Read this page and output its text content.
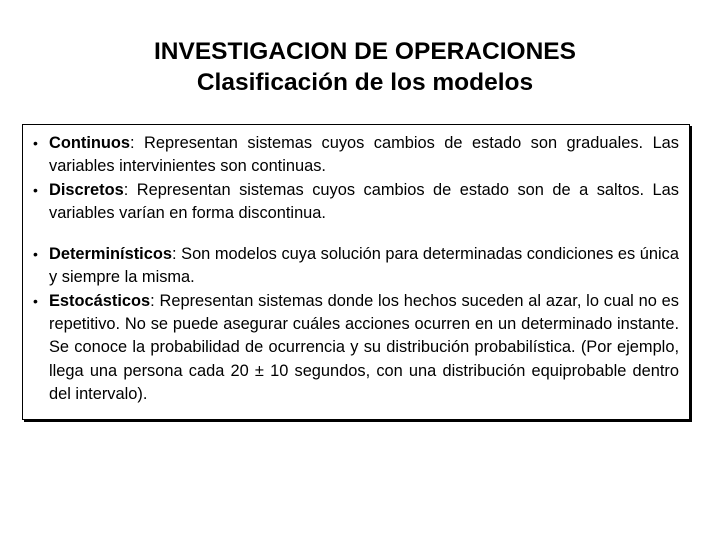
INVESTIGACION DE OPERACIONES
Clasificación de los modelos
• Continuos: Representan sistemas cuyos cambios de estado son graduales. Las variables intervinientes son continuas.
• Discretos: Representan sistemas cuyos cambios de estado son de a saltos. Las variables varían en forma discontinua.
• Determinísticos: Son modelos cuya solución para determinadas condiciones es única y siempre la misma.
• Estocásticos: Representan sistemas donde los hechos suceden al azar, lo cual no es repetitivo. No se puede asegurar cuáles acciones ocurren en un determinado instante. Se conoce la probabilidad de ocurrencia y su distribución probabilística. (Por ejemplo, llega una persona cada 20 ± 10 segundos, con una distribución equiprobable dentro del intervalo).
